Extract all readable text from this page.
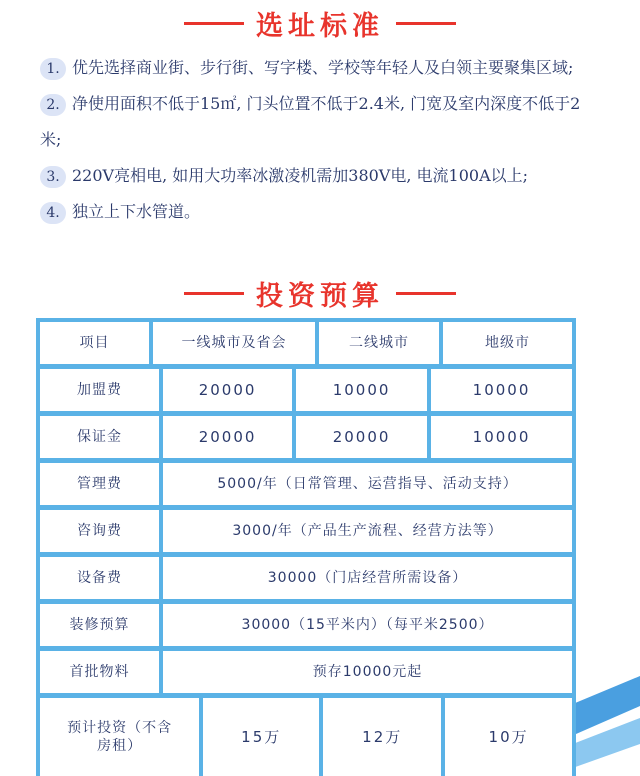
选址标准
1. 优先选择商业街、步行街、写字楼、学校等年轻人及白领主要聚集区域;
2. 净使用面积不低于15㎡, 门头位置不低于2.4米, 门宽及室内深度不低于2米;
3. 220V亮相电, 如用大功率冰激凌机需加380V电, 电流100A以上;
4. 独立上下水管道。
投资预算
项目	一线城市及省会	二线城市	地级市
加盟费	20000	10000	10000
保证金	20000	20000	10000
管理费	5000/年（日常管理、运营指导、活动支持）
咨询费	3000/年（产品生产流程、经营方法等）
设备费	30000（门店经营所需设备）
装修预算	30000（15平米内）（每平米2500）
首批物料	预存10000元起
预计投资（不含房租）	15万	12万	10万
